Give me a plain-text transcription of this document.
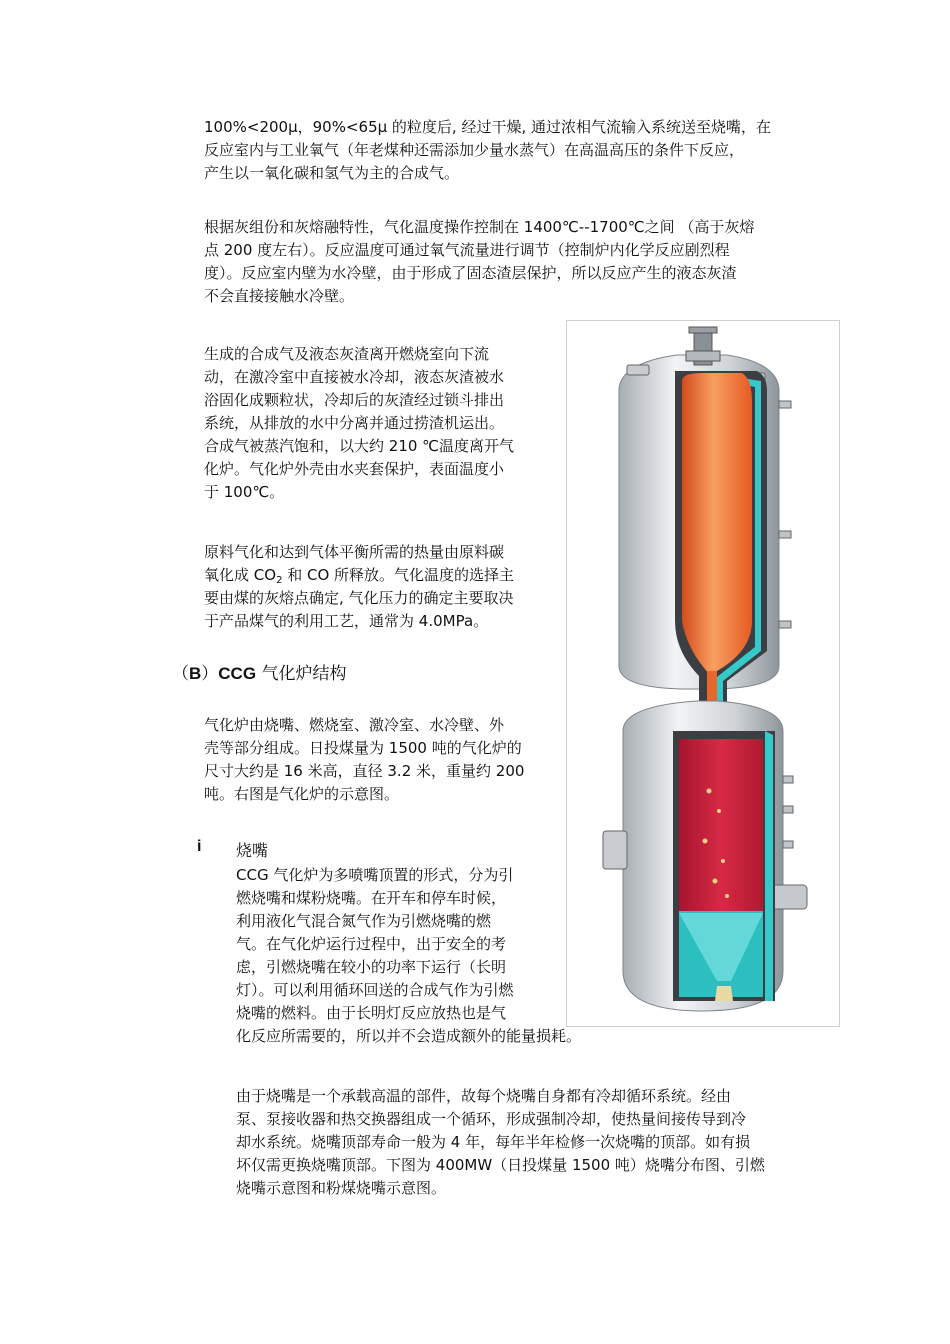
100%<200μ，90%<65μ 的粒度后, 经过干燥, 通过浓相气流输入系统送至烧嘴，在
反应室内与工业氧气（年老煤种还需添加少量水蒸气）在高温高压的条件下反应，
产生以一氧化碳和氢气为主的合成气。
根据灰组份和灰熔融特性，气化温度操作控制在 1400℃--1700℃之间 （高于灰熔
点 200 度左右）。反应温度可通过氧气流量进行调节（控制炉内化学反应剧烈程
度）。反应室内壁为水冷壁，由于形成了固态渣层保护，所以反应产生的液态灰渣
不会直接接触水冷壁。
生成的合成气及液态灰渣离开燃烧室向下流
动，在激冷室中直接被水冷却，液态灰渣被水
浴固化成颗粒状，冷却后的灰渣经过锁斗排出
系统，从排放的水中分离并通过捞渣机运出。
合成气被蒸汽饱和，以大约 210 ℃温度离开气
化炉。气化炉外壳由水夹套保护，表面温度小
于 100℃。
原料气化和达到气体平衡所需的热量由原料碳
氧化成 $CO_2$ 和 CO 所释放。气化温度的选择主
要由煤的灰熔点确定, 气化压力的确定主要取决
于产品煤气的利用工艺，通常为 4.0MPa。
（B）CCG 气化炉结构
气化炉由烧嘴、燃烧室、激冷室、水冷壁、外
壳等部分组成。日投煤量为 1500 吨的气化炉的
尺寸大约是 16 米高，直径 3.2 米，重量约 200
吨。右图是气化炉的示意图。
i 烧嘴
CCG 气化炉为多喷嘴顶置的形式，分为引
燃烧嘴和煤粉烧嘴。在开车和停车时候，
利用液化气混合氮气作为引燃烧嘴的燃
气。在气化炉运行过程中，出于安全的考
虑，引燃烧嘴在较小的功率下运行（长明
灯）。可以利用循环回送的合成气作为引燃
烧嘴的燃料。由于长明灯反应放热也是气
化反应所需要的，所以并不会造成额外的能量损耗。
由于烧嘴是一个承载高温的部件，故每个烧嘴自身都有冷却循环系统。经由
泵、泵接收器和热交换器组成一个循环，形成强制冷却，使热量间接传导到冷
却水系统。烧嘴顶部寿命一般为 4 年，每年半年检修一次烧嘴的顶部。如有损
坏仅需更换烧嘴顶部。下图为 400MW（日投煤量 1500 吨）烧嘴分布图、引燃
烧嘴示意图和粉煤烧嘴示意图。
